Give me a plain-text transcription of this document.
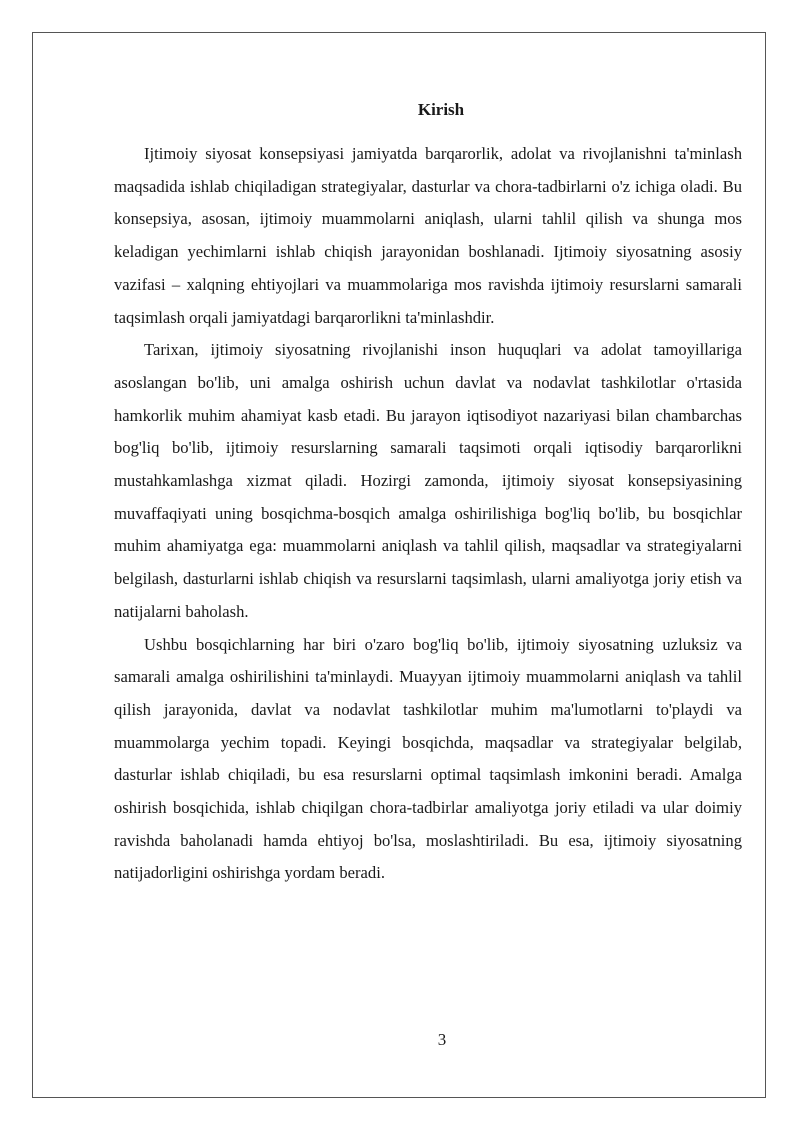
Kirish

Ijtimoiy siyosat konsepsiyasi jamiyatda barqarorlik, adolat va rivojlanishni ta'minlash maqsadida ishlab chiqiladigan strategiyalar, dasturlar va chora-tadbirlarni o'z ichiga oladi. Bu konsepsiya, asosan, ijtimoiy muammolarni aniqlash, ularni tahlil qilish va shunga mos keladigan yechimlarni ishlab chiqish jarayonidan boshlanadi. Ijtimoiy siyosatning asosiy vazifasi – xalqning ehtiyojlari va muammolariga mos ravishda ijtimoiy resurslarni samarali taqsimlash orqali jamiyatdagi barqarorlikni ta'minlashdir.

Tarixan, ijtimoiy siyosatning rivojlanishi inson huquqlari va adolat tamoyillariga asoslangan bo'lib, uni amalga oshirish uchun davlat va nodavlat tashkilotlar o'rtasida hamkorlik muhim ahamiyat kasb etadi. Bu jarayon iqtisodiyot nazariyasi bilan chambarchas bog'liq bo'lib, ijtimoiy resurslarning samarali taqsimoti orqali iqtisodiy barqarorlikni mustahkamlashga xizmat qiladi. Hozirgi zamonda, ijtimoiy siyosat konsepsiyasining muvaffaqiyati uning bosqichma-bosqich amalga oshirilishiga bog'liq bo'lib, bu bosqichlar muhim ahamiyatga ega: muammolarni aniqlash va tahlil qilish, maqsadlar va strategiyalarni belgilash, dasturlarni ishlab chiqish va resurslarni taqsimlash, ularni amaliyotga joriy etish va natijalarni baholash.

Ushbu bosqichlarning har biri o'zaro bog'liq bo'lib, ijtimoiy siyosatning uzluksiz va samarali amalga oshirilishini ta'minlaydi. Muayyan ijtimoiy muammolarni aniqlash va tahlil qilish jarayonida, davlat va nodavlat tashkilotlar muhim ma'lumotlarni to'playdi va muammolarga yechim topadi. Keyingi bosqichda, maqsadlar va strategiyalar belgilab, dasturlar ishlab chiqiladi, bu esa resurslarni optimal taqsimlash imkonini beradi. Amalga oshirish bosqichida, ishlab chiqilgan chora-tadbirlar amaliyotga joriy etiladi va ular doimiy ravishda baholanadi hamda ehtiyoj bo'lsa, moslashtiriladi. Bu esa, ijtimoiy siyosatning natijadorligini oshirishga yordam beradi.

3
